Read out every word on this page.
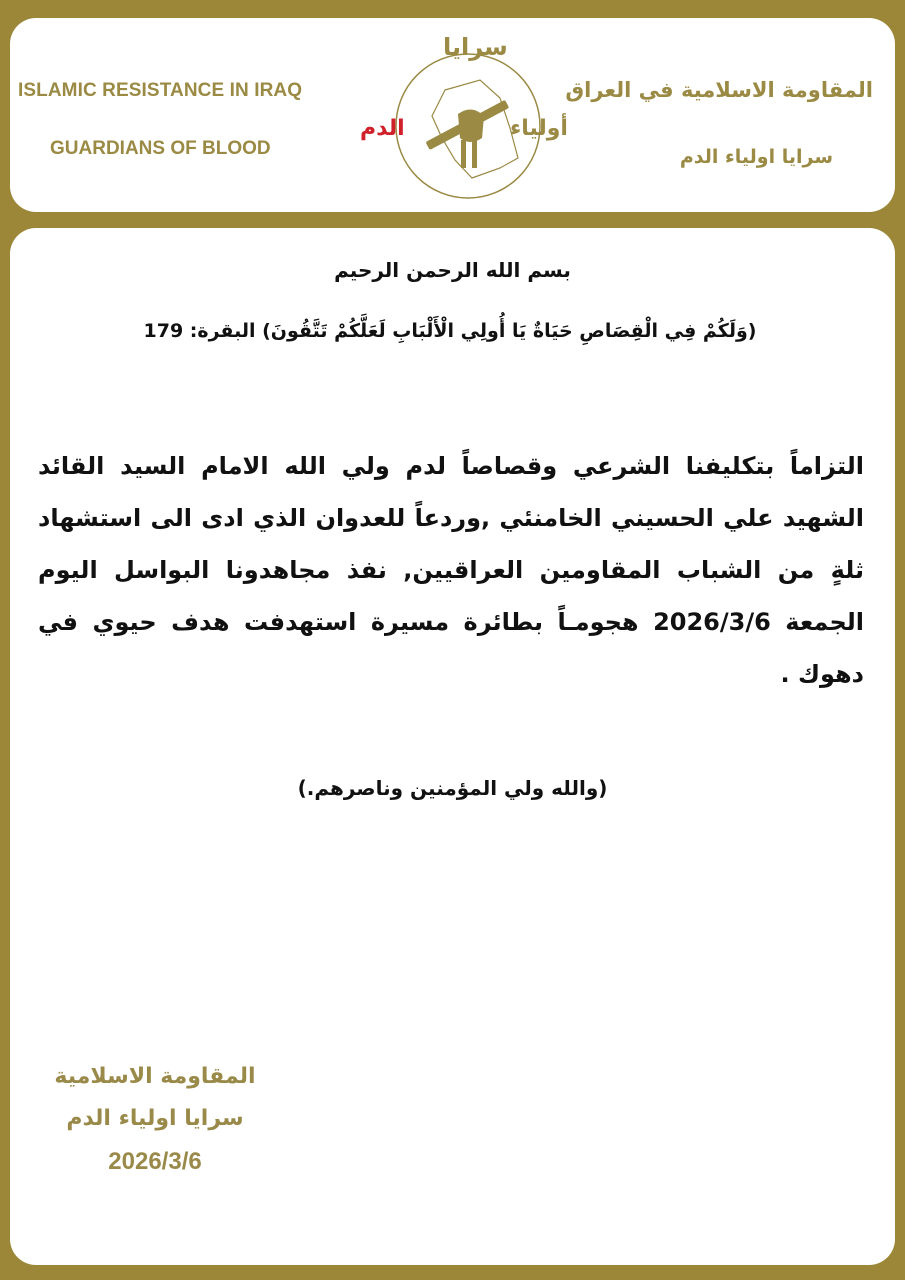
ISLAMIC RESISTANCE IN IRAQ
GUARDIANS OF BLOOD
سرايا
أولياء
الدم
المقاومة الاسلامية في العراق
سرايا اولياء الدم
بسم الله الرحمن الرحيم
(وَلَكُمْ فِي الْقِصَاصِ حَيَاةٌ يَا أُولِي الْأَلْبَابِ لَعَلَّكُمْ تَتَّقُونَ) البقرة: 179
التزاماً بتكليفنا الشرعي وقصاصاً لدم ولي الله الامام السيد القائد الشهيد علي الحسيني الخامنئي ,وردعاً للعدوان الذي ادى الى استشهاد ثلةٍ من الشباب المقاومين العراقيين, نفذ مجاهدونا البواسل اليوم الجمعة 2026/3/6 هجومـاً بطائرة مسيرة استهدفت هدف حيوي في دهوك .
(والله ولي المؤمنين وناصرهم.)
المقاومة الاسلامية
سرايا اولياء الدم
2026/3/6
